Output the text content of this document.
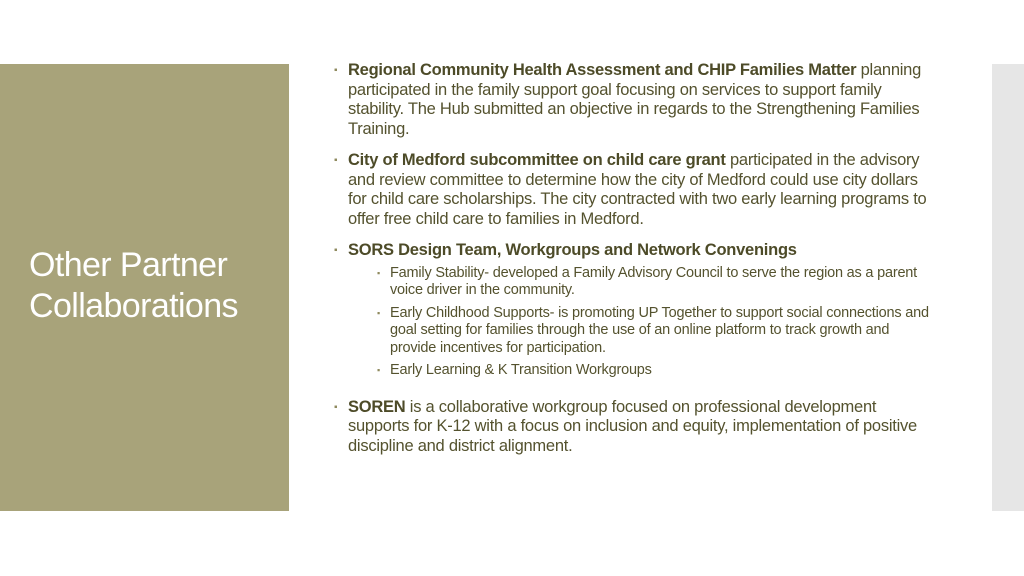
Other Partner Collaborations
▪ Regional Community Health Assessment and CHIP Families Matter planning participated in the family support goal focusing on services to support family stability. The Hub submitted an objective in regards to the Strengthening Families Training.
▪ City of Medford subcommittee on child care grant participated in the advisory and review committee to determine how the city of Medford could use city dollars for child care scholarships. The city contracted with two early learning programs to offer free child care to families in Medford.
▪ SORS Design Team, Workgroups and Network Convenings
▪ Family Stability- developed a Family Advisory Council to serve the region as a parent voice driver in the community.
▪ Early Childhood Supports- is promoting UP Together to support social connections and goal setting for families through the use of an online platform to track growth and provide incentives for participation.
▪ Early Learning & K Transition Workgroups
▪ SOREN is a collaborative workgroup focused on professional development supports for K-12 with a focus on inclusion and equity, implementation of positive discipline and district alignment.
